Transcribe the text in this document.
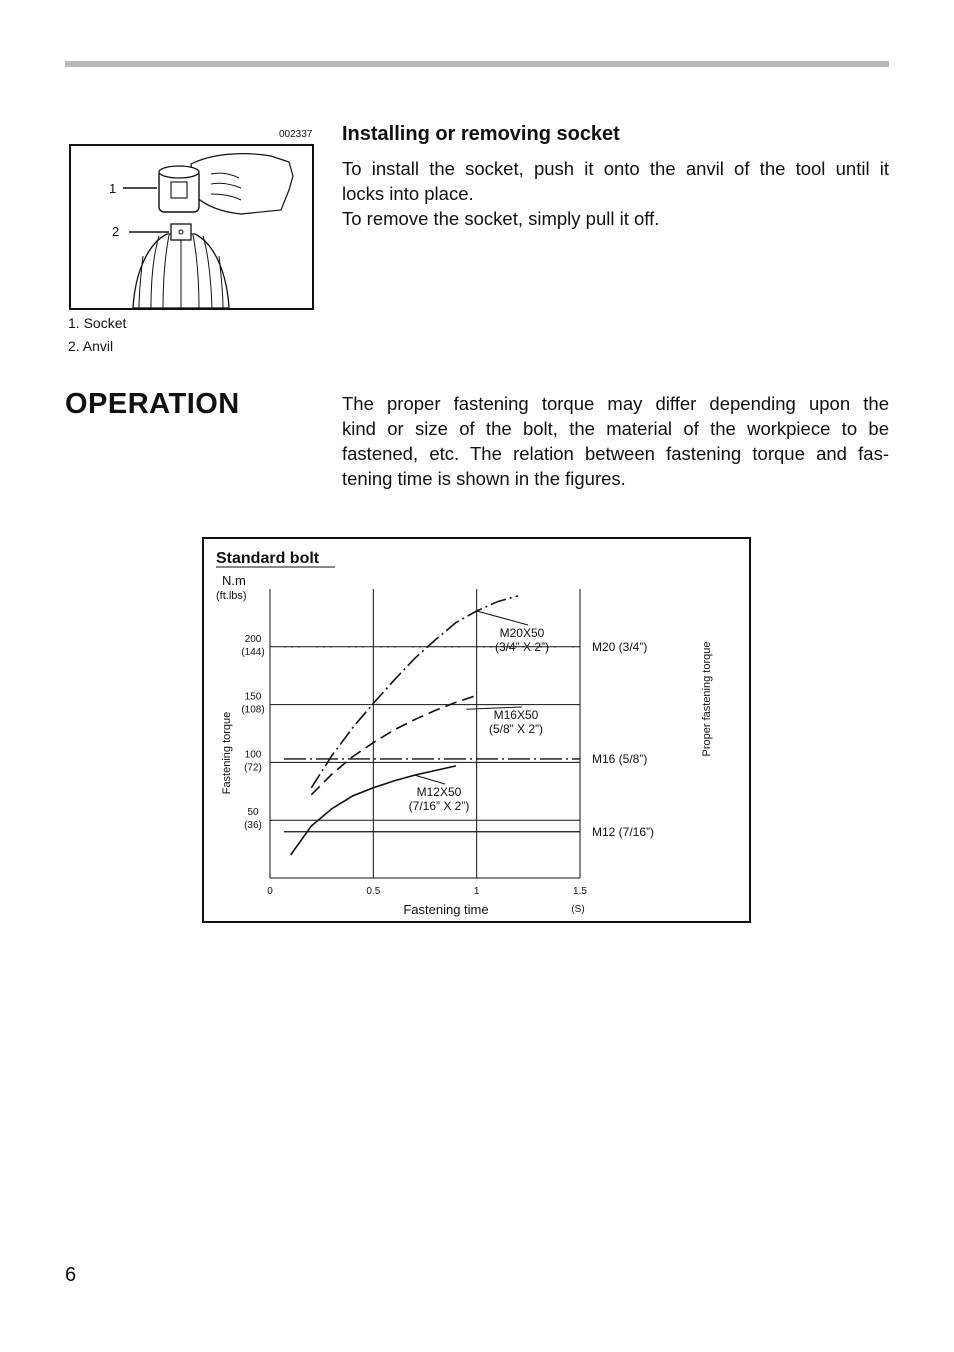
002337
1
2
1. Socket
2. Anvil
Installing or removing socket
To install the socket, push it onto the anvil of the tool until it
locks into place.
To remove the socket, simply pull it off.
OPERATION	The proper fastening torque may differ depending upon the
kind or size of the bolt, the material of the workpiece to be
fastened, etc. The relation between fastening torque and fas-
tening time is shown in the figures.
Standard bolt
N.m
(ft.lbs)
Fastening torque
Fastening time	(S)
Proper fastening torque
0	0.5	1	1.5
200
(144)
150
(108)
100
(72)
50
(36)
M20 (3/4”)
M16 (5/8”)
M12 (7/16”)
M20X50
(3/4” X 2”)
M16X50
(5/8” X 2”)
M12X50
(7/16” X 2”)
6
